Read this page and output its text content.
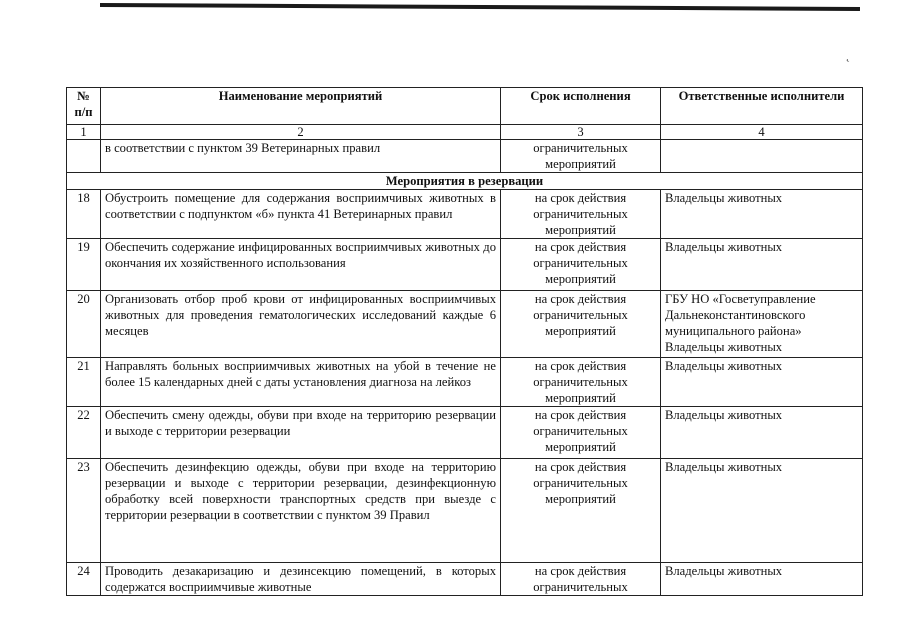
˛
№ п/п	Наименование мероприятий	Срок исполнения	Ответственные исполнители
1	2	3	4
	в соответствии с пунктом 39 Ветеринарных правил	ограничительных мероприятий	
Мероприятия в резервации			
18	Обустроить помещение для содержания восприимчивых животных в соответствии с подпунктом «б» пункта 41 Ветеринарных правил	на срок действия ограничительных мероприятий	Владельцы животных
19	Обеспечить содержание инфицированных восприимчивых животных до окончания их хозяйственного использования	на срок действия ограничительных мероприятий	Владельцы животных
20	Организовать отбор проб крови от инфицированных восприимчивых животных для проведения гематологических исследований каждые 6 месяцев	на срок действия ограничительных мероприятий	ГБУ НО «Госветуправление Дальнеконстантиновского муниципального района» Владельцы животных
21	Направлять больных восприимчивых животных на убой в течение не более 15 календарных дней с даты установления диагноза на лейкоз	на срок действия ограничительных мероприятий	Владельцы животных
22	Обеспечить смену одежды, обуви при входе на территорию резервации и выходе с территории резервации	на срок действия ограничительных мероприятий	Владельцы животных
23	Обеспечить дезинфекцию одежды, обуви при входе на территорию резервации и выходе с территории резервации, дезинфекционную обработку всей поверхности транспортных средств при выезде с территории резервации в соответствии с пунктом 39 Правил	на срок действия ограничительных мероприятий	Владельцы животных
24	Проводить дезакаризацию и дезинсекцию помещений, в которых содержатся восприимчивые животные	на срок действия ограничительных	Владельцы животных
